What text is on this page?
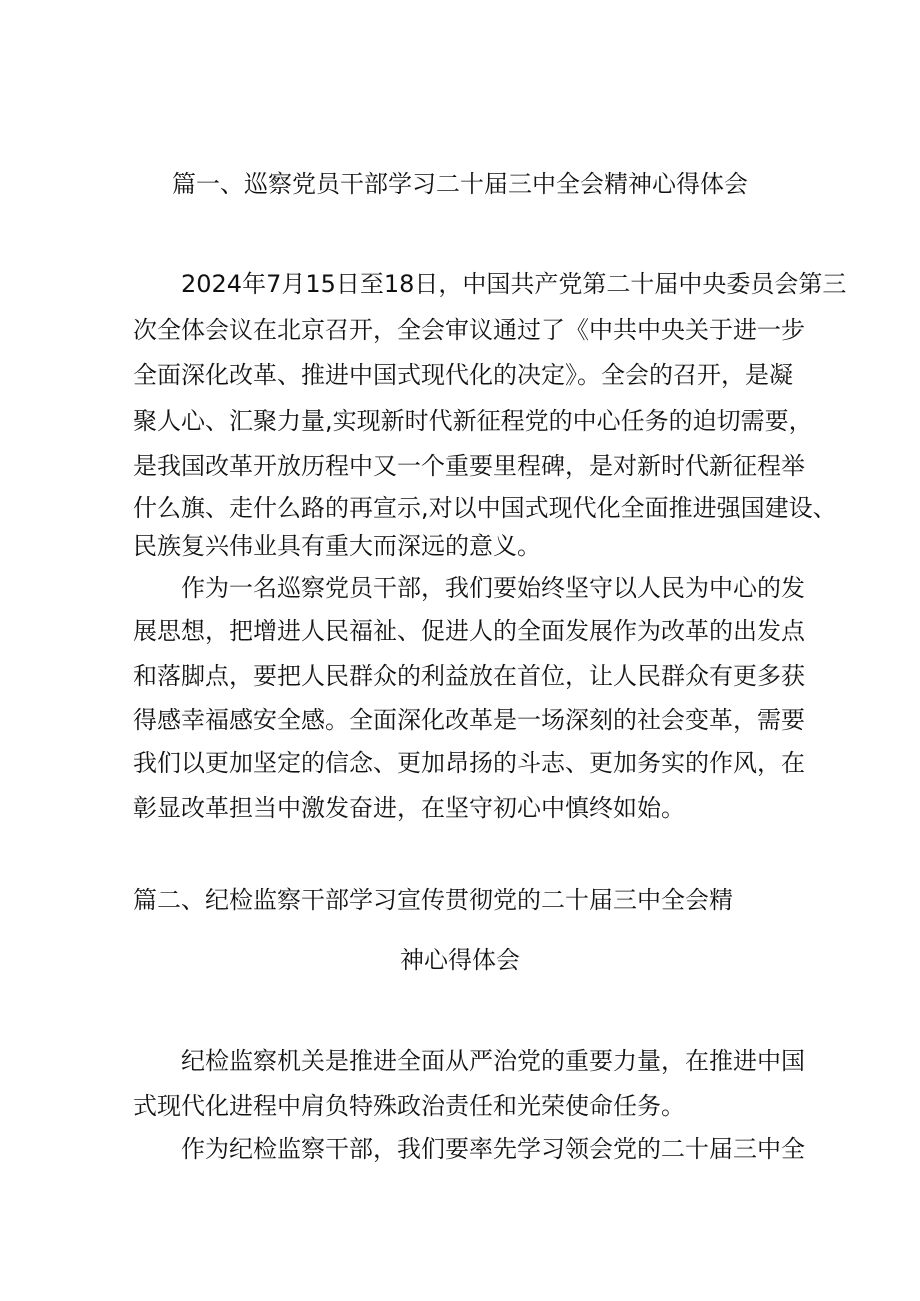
篇一、巡察党员干部学习二十届三中全会精神心得体会

2024年7月15日至18日，中国共产党第二十届中央委员会第三

次全体会议在北京召开，全会审议通过了《中共中央关于进一步

全面深化改革、推进中国式现代化的决定》。全会的召开，是凝

聚人心、汇聚力量,实现新时代新征程党的中心任务的迫切需要，

是我国改革开放历程中又一个重要里程碑，是对新时代新征程举

什么旗、走什么路的再宣示,对以中国式现代化全面推进强国建设、

民族复兴伟业具有重大而深远的意义。

作为一名巡察党员干部，我们要始终坚守以人民为中心的发

展思想，把增进人民福祉、促进人的全面发展作为改革的出发点

和落脚点，要把人民群众的利益放在首位，让人民群众有更多获

得感幸福感安全感。全面深化改革是一场深刻的社会变革，需要

我们以更加坚定的信念、更加昂扬的斗志、更加务实的作风，在

彰显改革担当中激发奋进，在坚守初心中慎终如始。

篇二、纪检监察干部学习宣传贯彻党的二十届三中全会精

神心得体会

纪检监察机关是推进全面从严治党的重要力量，在推进中国

式现代化进程中肩负特殊政治责任和光荣使命任务。

作为纪检监察干部，我们要率先学习领会党的二十届三中全
